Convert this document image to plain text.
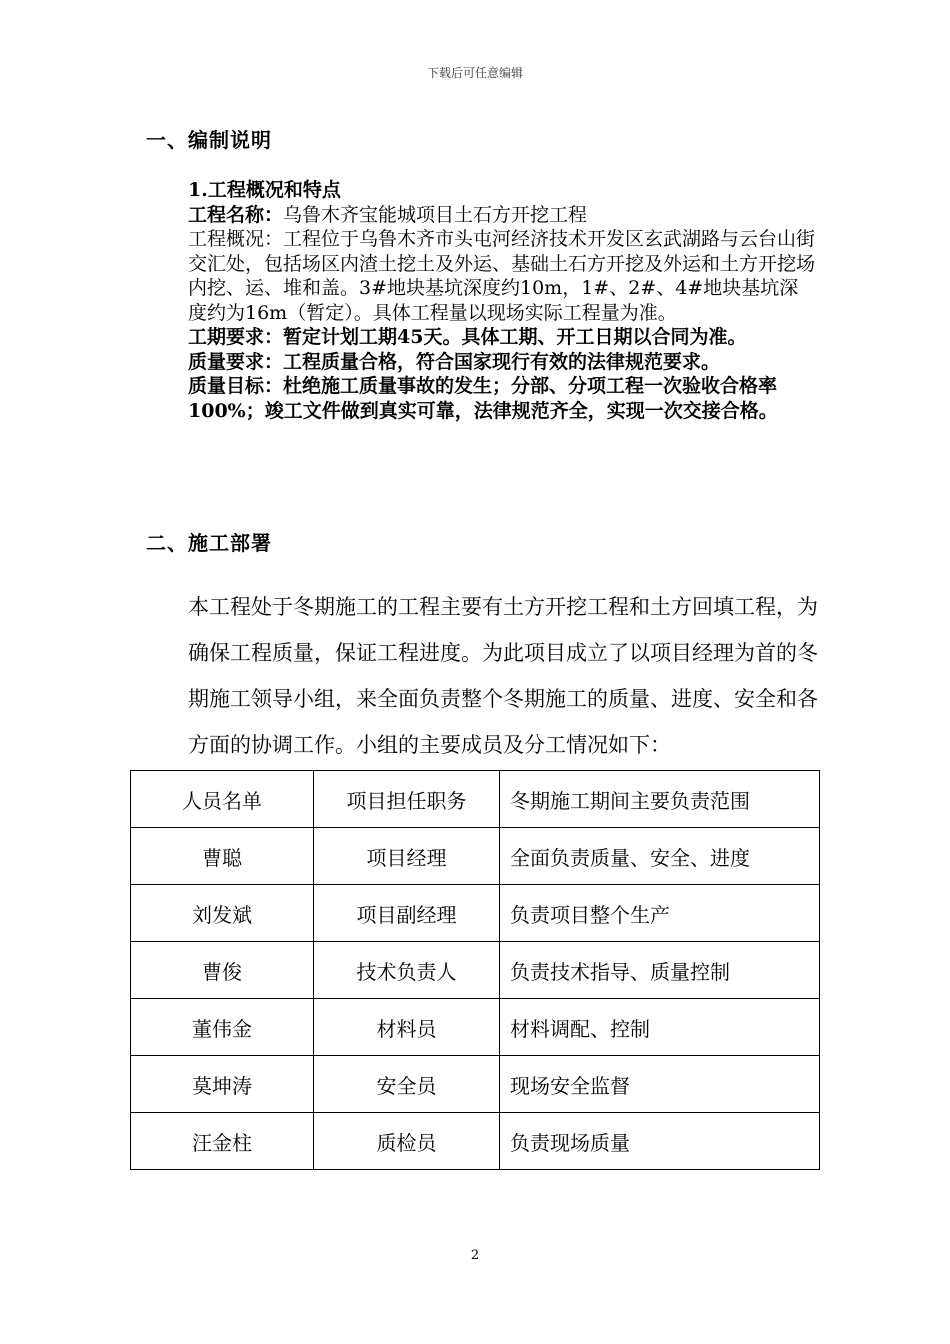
下载后可任意编辑
一、编制说明
1.工程概况和特点
工程名称：乌鲁木齐宝能城项目土石方开挖工程
工程概况：工程位于乌鲁木齐市头屯河经济技术开发区玄武湖路与云台山街交汇处，包括场区内渣土挖土及外运、基础土石方开挖及外运和土方开挖场内挖、运、堆和盖。3#地块基坑深度约10m，1#、2#、4#地块基坑深度约为16m（暂定）。具体工程量以现场实际工程量为准。
工期要求：暂定计划工期45天。具体工期、开工日期以合同为准。
质量要求：工程质量合格，符合国家现行有效的法律规范要求。
质量目标：杜绝施工质量事故的发生；分部、分项工程一次验收合格率100%；竣工文件做到真实可靠，法律规范齐全，实现一次交接合格。
二、施工部署
本工程处于冬期施工的工程主要有土方开挖工程和土方回填工程，为确保工程质量，保证工程进度。为此项目成立了以项目经理为首的冬期施工领导小组，来全面负责整个冬期施工的质量、进度、安全和各方面的协调工作。小组的主要成员及分工情况如下：
人员名单	项目担任职务	冬期施工期间主要负责范围
曹聪	项目经理	全面负责质量、安全、进度
刘发斌	项目副经理	负责项目整个生产
曹俊	技术负责人	负责技术指导、质量控制
董伟金	材料员	材料调配、控制
莫坤涛	安全员	现场安全监督
汪金柱	质检员	负责现场质量
2
